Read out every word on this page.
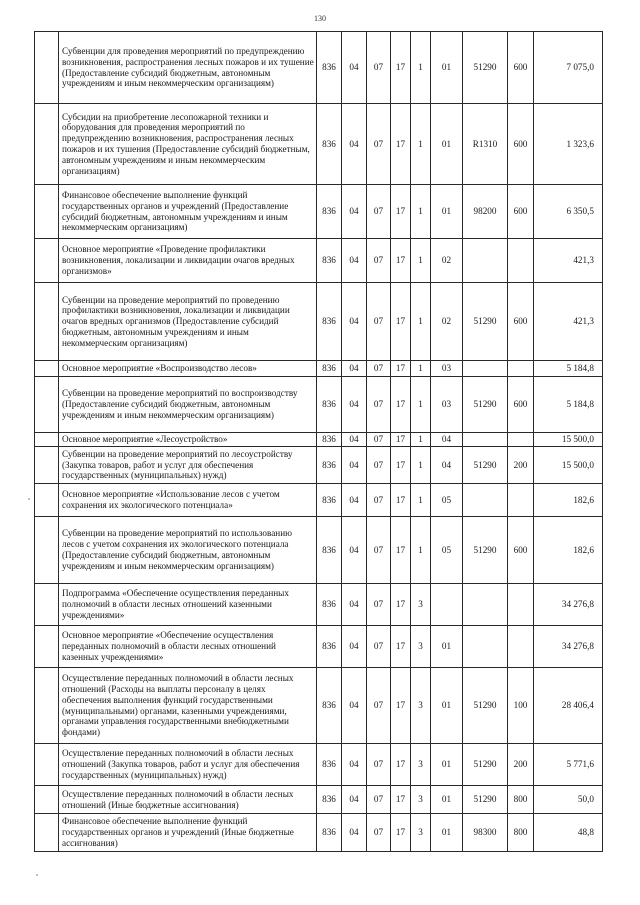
130
	Субвенции для проведения мероприятий по предупреждению возникновения, распространения лесных пожаров и их тушение (Предоставление субсидий бюджетным, автономным учреждениям и иным некоммерческим организациям)	836	04	07	17	1	01	51290	600	7 075,0
	Субсидии на приобретение лесопожарной техники и оборудования для проведения мероприятий по предупреждению возникновения, распространения лесных пожаров и их тушения (Предоставление субсидий бюджетным, автономным учреждениям и иным некоммерческим организациям)	836	04	07	17	1	01	R1310	600	1 323,6
	Финансовое обеспечение выполнение функций государственных органов и учреждений (Предоставление субсидий бюджетным, автономным учреждениям и иным некоммерческим организациям)	836	04	07	17	1	01	98200	600	6 350,5
	Основное мероприятие «Проведение профилактики возникновения, локализации и ликвидации очагов вредных организмов»	836	04	07	17	1	02			421,3
	Субвенции на проведение мероприятий по проведению профилактики возникновения, локализации и ликвидации очагов вредных организмов (Предоставление субсидий бюджетным, автономным учреждениям и иным некоммерческим организациям)	836	04	07	17	1	02	51290	600	421,3
	Основное мероприятие «Воспроизводство лесов»	836	04	07	17	1	03			5 184,8
	Субвенции на проведение мероприятий по воспроизводству (Предоставление субсидий бюджетным, автономным учреждениям и иным некоммерческим организациям)	836	04	07	17	1	03	51290	600	5 184,8
	Основное мероприятие «Лесоустройство»	836	04	07	17	1	04			15 500,0
	Субвенции на проведение мероприятий по лесоустройству (Закупка товаров, работ и услуг для обеспечения государственных (муниципальных) нужд)	836	04	07	17	1	04	51290	200	15 500,0
	Основное мероприятие «Использование лесов с учетом сохранения их экологического потенциала»	836	04	07	17	1	05			182,6
	Субвенции на проведение мероприятий по использованию лесов с учетом сохранения их экологического потенциала (Предоставление субсидий бюджетным, автономным учреждениям и иным некоммерческим организациям)	836	04	07	17	1	05	51290	600	182,6
	Подпрограмма «Обеспечение осуществления переданных полномочий в области лесных отношений казенными учреждениями»	836	04	07	17	3				34 276,8
	Основное мероприятие «Обеспечение осуществления переданных полномочий в области лесных отношений казенных учреждениями»	836	04	07	17	3	01			34 276,8
	Осуществление переданных полномочий в области лесных отношений (Расходы на выплаты персоналу в целях обеспечения выполнения функций государственными (муниципальными) органами, казенными учреждениями, органами управления государственными внебюджетными фондами)	836	04	07	17	3	01	51290	100	28 406,4
	Осуществление переданных полномочий в области лесных отношений (Закупка товаров, работ и услуг для обеспечения государственных (муниципальных) нужд)	836	04	07	17	3	01	51290	200	5 771,6
	Осуществление переданных полномочий в области лесных отношений (Иные бюджетные ассигнования)	836	04	07	17	3	01	51290	800	50,0
	Финансовое обеспечение выполнение функций государственных органов и учреждений (Иные бюджетные ассигнования)	836	04	07	17	3	01	98300	800	48,8
